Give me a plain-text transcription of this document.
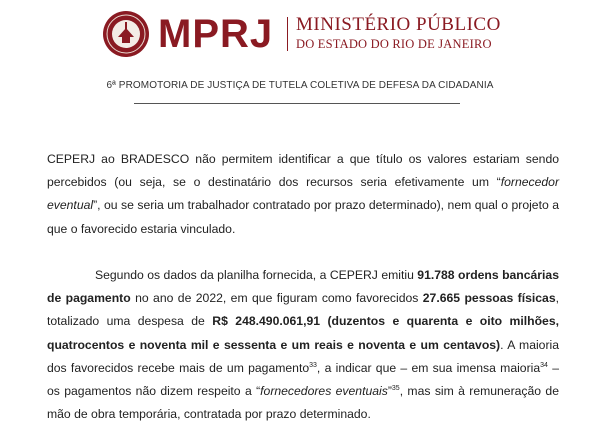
MPRJ MINISTÉRIO PÚBLICO
DO ESTADO DO RIO DE JANEIRO
6ª PROMOTORIA DE JUSTIÇA DE TUTELA COLETIVA DE DEFESA DA CIDADANIA
CEPERJ ao BRADESCO não permitem identificar a que título os valores estariam sendo percebidos (ou seja, se o destinatário dos recursos seria efetivamente um “fornecedor eventual”, ou se seria um trabalhador contratado por prazo determinado), nem qual o projeto a que o favorecido estaria vinculado.
Segundo os dados da planilha fornecida, a CEPERJ emitiu 91.788 ordens bancárias de pagamento no ano de 2022, em que figuram como favorecidos 27.665 pessoas físicas, totalizado uma despesa de R$ 248.490.061,91 (duzentos e quarenta e oito milhões, quatrocentos e noventa mil e sessenta e um reais e noventa e um centavos). A maioria dos favorecidos recebe mais de um pagamento$^{33}$, a indicar que – em sua imensa maioria$^{34}$ – os pagamentos não dizem respeito a “fornecedores eventuais”$^{35}$, mas sim à remuneração de mão de obra temporária, contratada por prazo determinado.
